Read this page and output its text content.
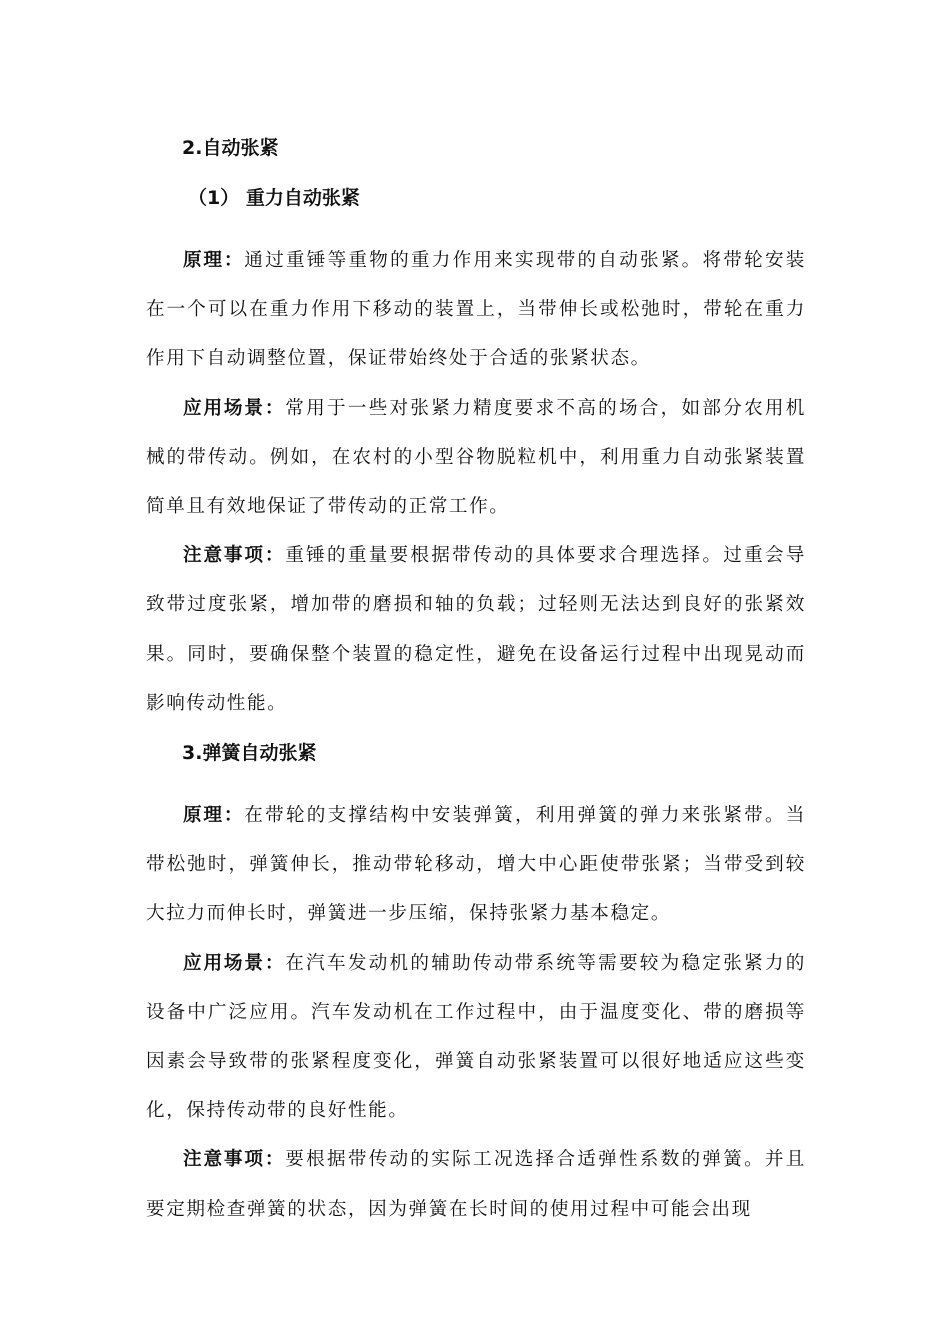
2.自动张紧
（1） 重力自动张紧

原理：通过重锤等重物的重力作用来实现带的自动张紧。将带轮安装在一个可以在重力作用下移动的装置上，当带伸长或松弛时，带轮在重力作用下自动调整位置，保证带始终处于合适的张紧状态。

应用场景：常用于一些对张紧力精度要求不高的场合，如部分农用机械的带传动。例如，在农村的小型谷物脱粒机中，利用重力自动张紧装置简单且有效地保证了带传动的正常工作。

注意事项：重锤的重量要根据带传动的具体要求合理选择。过重会导致带过度张紧，增加带的磨损和轴的负载；过轻则无法达到良好的张紧效果。同时，要确保整个装置的稳定性，避免在设备运行过程中出现晃动而影响传动性能。

3.弹簧自动张紧

原理：在带轮的支撑结构中安装弹簧，利用弹簧的弹力来张紧带。当带松弛时，弹簧伸长，推动带轮移动，增大中心距使带张紧；当带受到较大拉力而伸长时，弹簧进一步压缩，保持张紧力基本稳定。

应用场景：在汽车发动机的辅助传动带系统等需要较为稳定张紧力的设备中广泛应用。汽车发动机在工作过程中，由于温度变化、带的磨损等因素会导致带的张紧程度变化，弹簧自动张紧装置可以很好地适应这些变化，保持传动带的良好性能。

注意事项：要根据带传动的实际工况选择合适弹性系数的弹簧。并且要定期检查弹簧的状态，因为弹簧在长时间的使用过程中可能会出现
